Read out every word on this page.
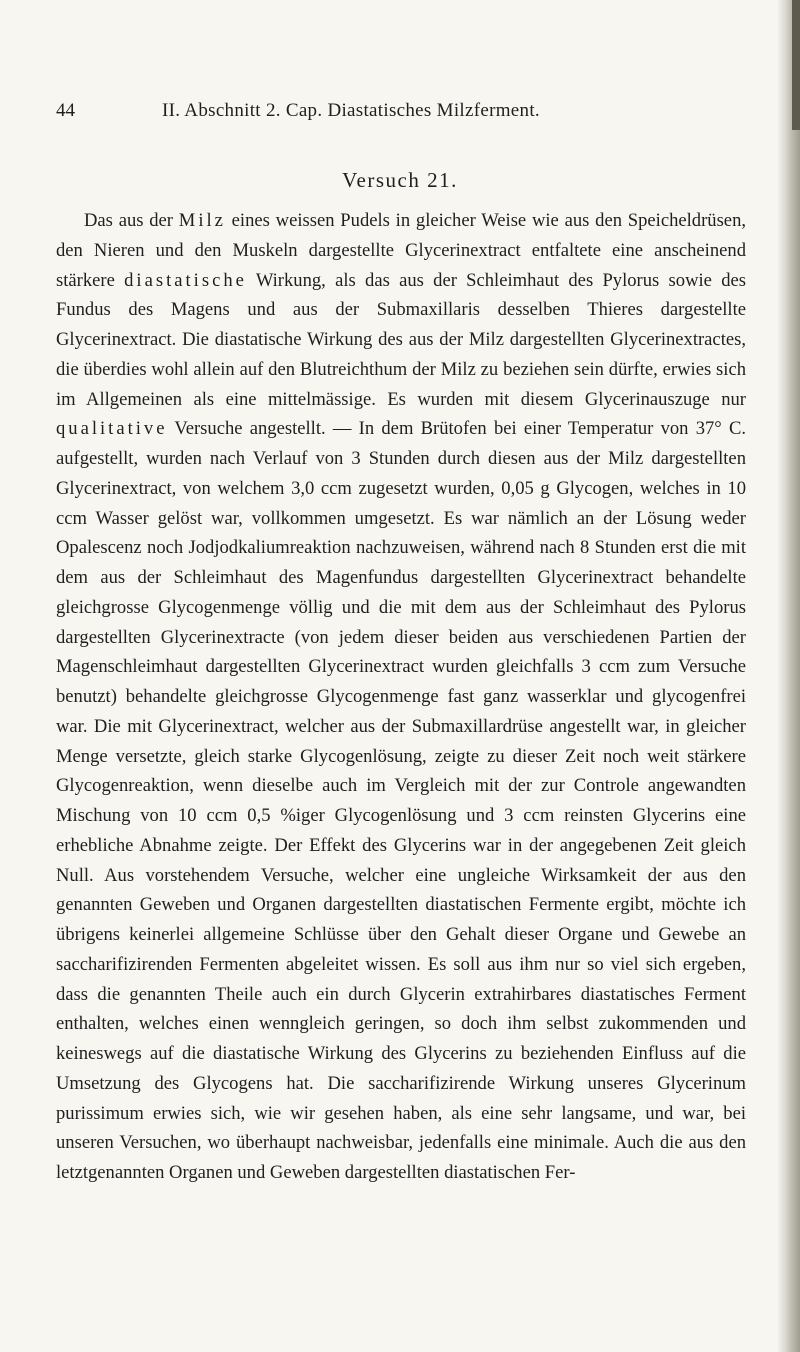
44	II. Abschnitt 2. Cap. Diastatisches Milzferment.
Versuch 21.

Das aus der Milz eines weissen Pudels in gleicher Weise wie aus den Speicheldrüsen, den Nieren und den Muskeln dargestellte Glycerinextract entfaltete eine anscheinend stärkere diastatische Wirkung, als das aus der Schleimhaut des Pylorus sowie des Fundus des Magens und aus der Submaxillaris desselben Thieres dargestellte Glycerinextract. Die diastatische Wirkung des aus der Milz dargestellten Glycerinextractes, die überdies wohl allein auf den Blutreichthum der Milz zu beziehen sein dürfte, erwies sich im Allgemeinen als eine mittelmässige. Es wurden mit diesem Glycerinauszuge nur qualitative Versuche angestellt. — In dem Brütofen bei einer Temperatur von 37° C. aufgestellt, wurden nach Verlauf von 3 Stunden durch diesen aus der Milz dargestellten Glycerinextract, von welchem 3,0 ccm zugesetzt wurden, 0,05 g Glycogen, welches in 10 ccm Wasser gelöst war, vollkommen umgesetzt. Es war nämlich an der Lösung weder Opalescenz noch Jodjodkaliumreaktion nachzuweisen, während nach 8 Stunden erst die mit dem aus der Schleimhaut des Magenfundus dargestellten Glycerinextract behandelte gleichgrosse Glycogenmenge völlig und die mit dem aus der Schleimhaut des Pylorus dargestellten Glycerinextracte (von jedem dieser beiden aus verschiedenen Partien der Magenschleimhaut dargestellten Glycerinextract wurden gleichfalls 3 ccm zum Versuche benutzt) behandelte gleichgrosse Glycogenmenge fast ganz wasserklar und glycogenfrei war. Die mit Glycerinextract, welcher aus der Submaxillardrüse angestellt war, in gleicher Menge versetzte, gleich starke Glycogenlösung, zeigte zu dieser Zeit noch weit stärkere Glycogenreaktion, wenn dieselbe auch im Vergleich mit der zur Controle angewandten Mischung von 10 ccm 0,5 %iger Glycogenlösung und 3 ccm reinsten Glycerins eine erhebliche Abnahme zeigte. Der Effekt des Glycerins war in der angegebenen Zeit gleich Null. Aus vorstehendem Versuche, welcher eine ungleiche Wirksamkeit der aus den genannten Geweben und Organen dargestellten diastatischen Fermente ergibt, möchte ich übrigens keinerlei allgemeine Schlüsse über den Gehalt dieser Organe und Gewebe an saccharifizirenden Fermenten abgeleitet wissen. Es soll aus ihm nur so viel sich ergeben, dass die genannten Theile auch ein durch Glycerin extrahirbares diastatisches Ferment enthalten, welches einen wenngleich geringen, so doch ihm selbst zukommenden und keineswegs auf die diastatische Wirkung des Glycerins zu beziehenden Einfluss auf die Umsetzung des Glycogens hat. Die saccharifizirende Wirkung unseres Glycerinum purissimum erwies sich, wie wir gesehen haben, als eine sehr langsame, und war, bei unseren Versuchen, wo überhaupt nachweisbar, jedenfalls eine minimale. Auch die aus den letztgenannten Organen und Geweben dargestellten diastatischen Fer-
